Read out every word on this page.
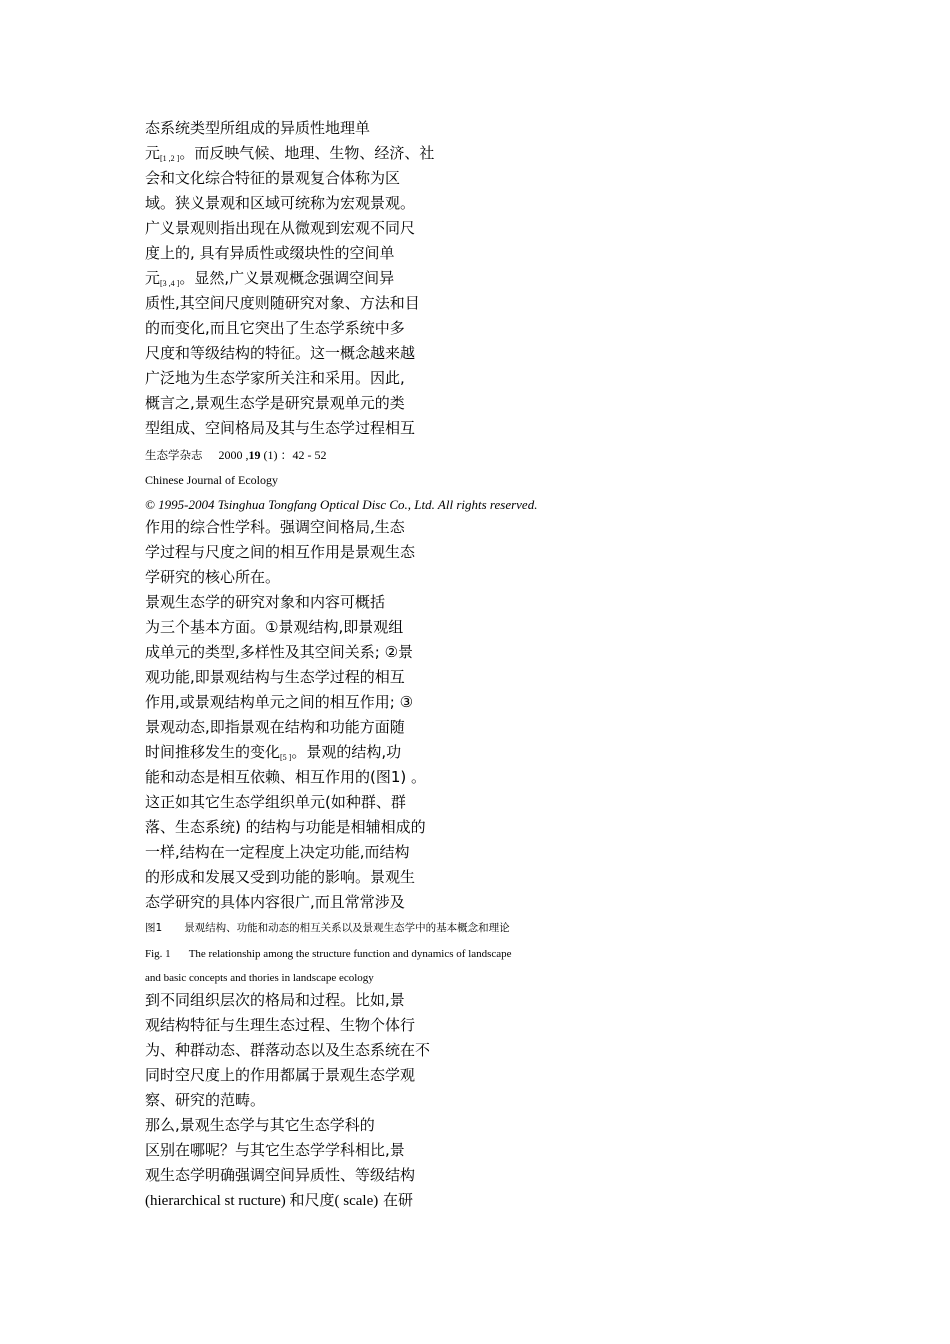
态系统类型所组成的异质性地理单
元$_{[1 ,2 ]}$。而反映气候、地理、生物、经济、社
会和文化综合特征的景观复合体称为区
域。狭义景观和区域可统称为宏观景观。
广义景观则指出现在从微观到宏观不同尺
度上的, 具有异质性或缀块性的空间单
元$_{[3 ,4 ]}$。显然,广义景观概念强调空间异
质性,其空间尺度则随研究对象、方法和目
的而变化,而且它突出了生态学系统中多
尺度和等级结构的特征。这一概念越来越
广泛地为生态学家所关注和采用。因此,
概言之,景观生态学是研究景观单元的类
型组成、空间格局及其与生态学过程相互
生态学杂志 2000 ,19 (1) ：42 - 52
Chinese Journal of Ecology
© 1995-2004 Tsinghua Tongfang Optical Disc Co., Ltd. All rights reserved.
作用的综合性学科。强调空间格局,生态
学过程与尺度之间的相互作用是景观生态
学研究的核心所在。
景观生态学的研究对象和内容可概括
为三个基本方面。①景观结构,即景观组
成单元的类型,多样性及其空间关系; ②景
观功能,即景观结构与生态学过程的相互
作用,或景观结构单元之间的相互作用; ③
景观动态,即指景观在结构和功能方面随
时间推移发生的变化$_{[5 ]}$。景观的结构,功
能和动态是相互依赖、相互作用的(图1) 。
这正如其它生态学组织单元(如种群、群
落、生态系统) 的结构与功能是相辅相成的
一样,结构在一定程度上决定功能,而结构
的形成和发展又受到功能的影响。景观生
态学研究的具体内容很广,而且常常涉及
图1 景观结构、功能和动态的相互关系以及景观生态学中的基本概念和理论
Fig. 1 The relationship among the structure function and dynamics of landscape
and basic concepts and thories in landscape ecology
到不同组织层次的格局和过程。比如,景
观结构特征与生理生态过程、生物个体行
为、种群动态、群落动态以及生态系统在不
同时空尺度上的作用都属于景观生态学观
察、研究的范畴。
那么,景观生态学与其它生态学科的
区别在哪呢？与其它生态学学科相比,景
观生态学明确强调空间异质性、等级结构
(hierarchical st ructure) 和尺度( scale) 在研
